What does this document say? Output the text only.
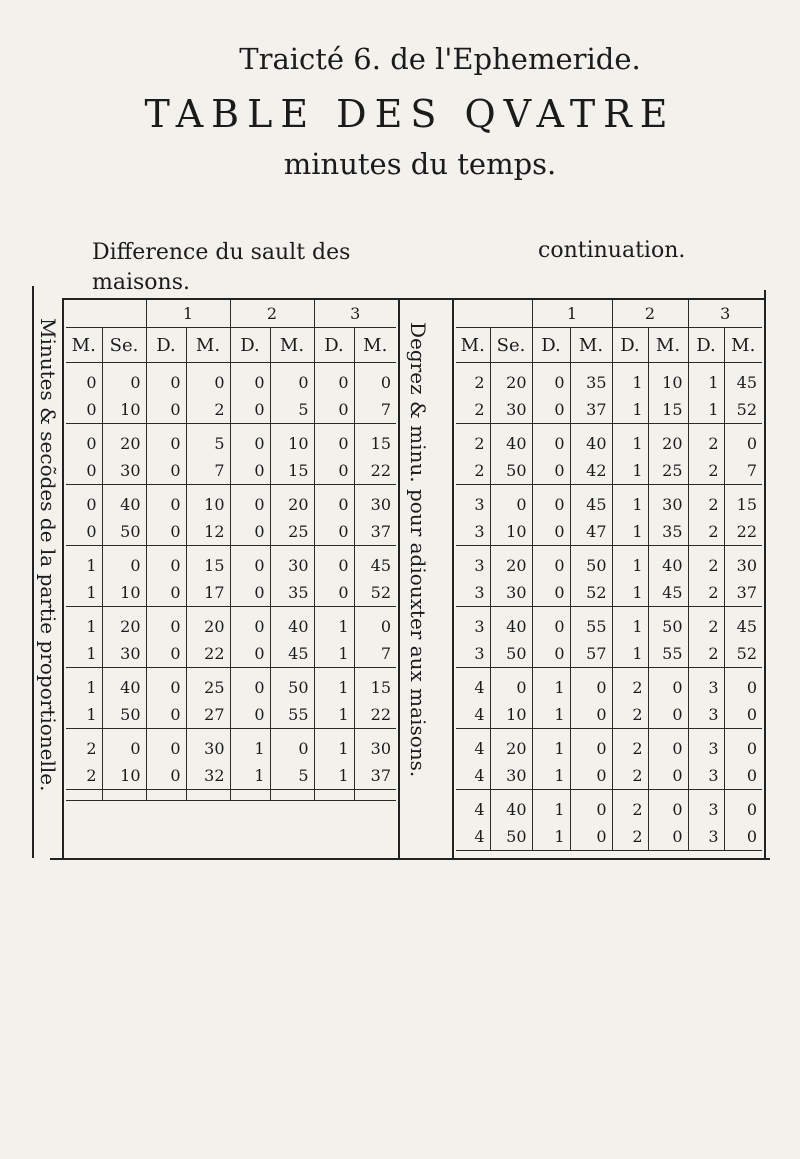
Traicté 6. de l'Ephemeride.
TABLE DES QVATRE
minutes du temps.
Difference du sault des maisons.
continuation.
Minutes & secõdes de la partie proportionelle.	Degrez & minu. pour adiouxter aux maisons.
		1		2		3	
M.	Se.	D.	M.	D.	M.	D.	M.
0	0	0	0	0	0	0	0
0	10	0	2	0	5	0	7
0	20	0	5	0	10	0	15
0	30	0	7	0	15	0	22
0	40	0	10	0	20	0	30
0	50	0	12	0	25	0	37
1	0	0	15	0	30	0	45
1	10	0	17	0	35	0	52
1	20	0	20	0	40	1	0
1	30	0	22	0	45	1	7
1	40	0	25	0	50	1	15
1	50	0	27	0	55	1	22
2	0	0	30	1	0	1	30
2	10	0	32	1	5	1	37

		1		2		3	
M.	Se.	D.	M.	D.	M.	D.	M.
2	20	0	35	1	10	1	45
2	30	0	37	1	15	1	52
2	40	0	40	1	20	2	0
2	50	0	42	1	25	2	7
3	0	0	45	1	30	2	15
3	10	0	47	1	35	2	22
3	20	0	50	1	40	2	30
3	30	0	52	1	45	2	37
3	40	0	55	1	50	2	45
3	50	0	57	1	55	2	52
4	0	1	0	2	0	3	0
4	10	1	0	2	0	3	0
4	20	1	0	2	0	3	0
4	30	1	0	2	0	3	0
4	40	1	0	2	0	3	0
4	50	1	0	2	0	3	0
